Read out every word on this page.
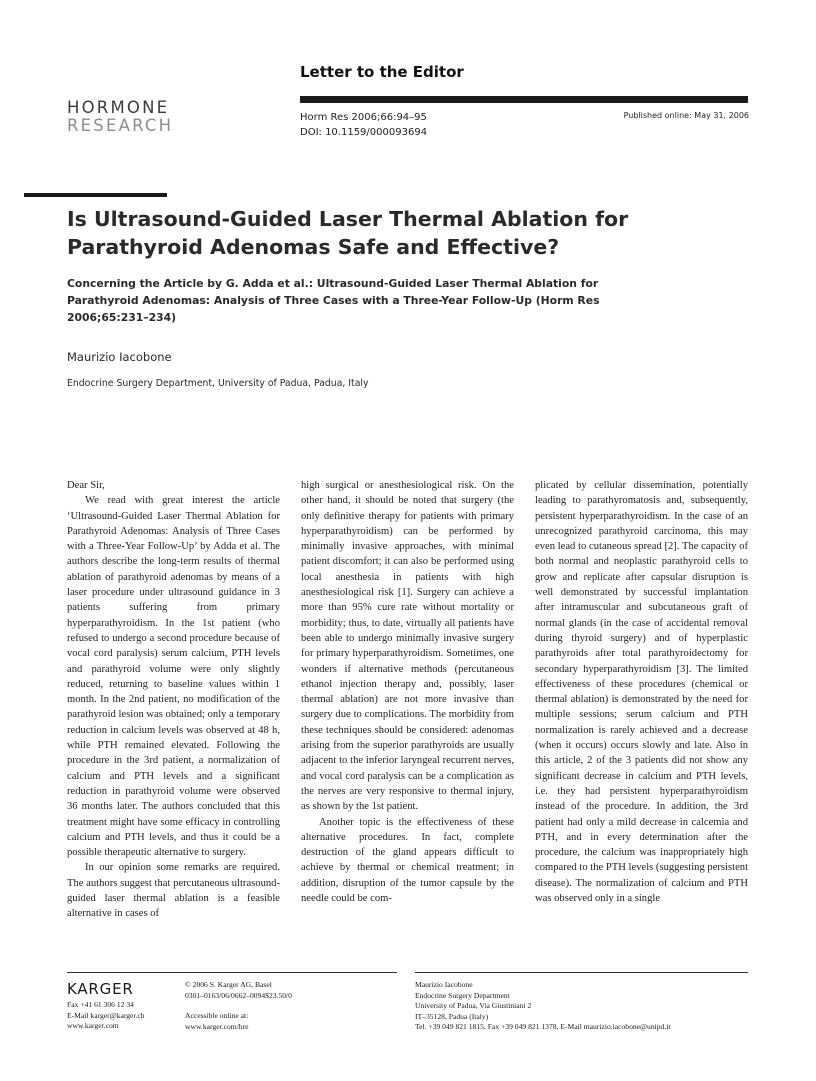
HORMONE
RESEARCH
Letter to the Editor
Horm Res 2006;66:94–95
DOI: 10.1159/000093694
Published online: May 31, 2006
Is Ultrasound-Guided Laser Thermal Ablation for
Parathyroid Adenomas Safe and Effective?
Concerning the Article by G. Adda et al.: Ultrasound-Guided Laser Thermal Ablation for
Parathyroid Adenomas: Analysis of Three Cases with a Three-Year Follow-Up (Horm Res
2006;65:231–234)
Maurizio Iacobone
Endocrine Surgery Department, University of Padua, Padua, Italy

Dear Sir,

We read with great interest the article ‘Ultrasound-Guided Laser Thermal Ablation for Parathyroid Adenomas: Analysis of Three Cases with a Three-Year Follow-Up’ by Adda et al. The authors describe the long-term results of thermal ablation of parathyroid adenomas by means of a laser procedure under ultrasound guidance in 3 patients suffering from primary hyperparathyroidism. In the 1st patient (who refused to undergo a second procedure because of vocal cord paralysis) serum calcium, PTH levels and parathyroid volume were only slightly reduced, returning to baseline values within 1 month. In the 2nd patient, no modification of the parathyroid lesion was obtained; only a temporary reduction in calcium levels was observed at 48 h, while PTH remained elevated. Following the procedure in the 3rd patient, a normalization of calcium and PTH levels and a significant reduction in parathyroid volume were observed 36 months later. The authors concluded that this treatment might have some efficacy in controlling calcium and PTH levels, and thus it could be a possible therapeutic alternative to surgery.

In our opinion some remarks are required. The authors suggest that percutaneous ultrasound-guided laser thermal ablation is a feasible alternative in cases of

high surgical or anesthesiological risk. On the other hand, it should be noted that surgery (the only definitive therapy for patients with primary hyperparathyroidism) can be performed by minimally invasive approaches, with minimal patient discomfort; it can also be performed using local anesthesia in patients with high anesthesiological risk [1]. Surgery can achieve a more than 95% cure rate without mortality or morbidity; thus, to date, virtually all patients have been able to undergo minimally invasive surgery for primary hyperparathyroidism. Sometimes, one wonders if alternative methods (percutaneous ethanol injection therapy and, possibly, laser thermal ablation) are not more invasive than surgery due to complications. The morbidity from these techniques should be considered: adenomas arising from the superior parathyroids are usually adjacent to the inferior laryngeal recurrent nerves, and vocal cord paralysis can be a complication as the nerves are very responsive to thermal injury, as shown by the 1st patient.

Another topic is the effectiveness of these alternative procedures. In fact, complete destruction of the gland appears difficult to achieve by thermal or chemical treatment; in addition, disruption of the tumor capsule by the needle could be com-

plicated by cellular dissemination, potentially leading to parathyromatosis and, subsequently, persistent hyperparathyroidism. In the case of an unrecognized parathyroid carcinoma, this may even lead to cutaneous spread [2]. The capacity of both normal and neoplastic parathyroid cells to grow and replicate after capsular disruption is well demonstrated by successful implantation after intramuscular and subcutaneous graft of normal glands (in the case of accidental removal during thyroid surgery) and of hyperplastic parathyroids after total parathyroidectomy for secondary hyperparathyroidism [3]. The limited effectiveness of these procedures (chemical or thermal ablation) is demonstrated by the need for multiple sessions; serum calcium and PTH normalization is rarely achieved and a decrease (when it occurs) occurs slowly and late. Also in this article, 2 of the 3 patients did not show any significant decrease in calcium and PTH levels, i.e. they had persistent hyperparathyroidism instead of the procedure. In addition, the 3rd patient had only a mild decrease in calcemia and PTH, and in every determination after the procedure, the calcium was inappropriately high compared to the PTH levels (suggesting persistent disease). The normalization of calcium and PTH was observed only in a single

KARGER
Fax +41 61 306 12 34
E-Mail karger@karger.ch
www.karger.com
© 2006 S. Karger AG, Basel
0301–0163/06/0662–0094$23.50/0
Accessible online at:
www.karger.com/hre
Maurizio Iacobone
Endocrine Surgery Department
University of Padua, Via Giustiniani 2
IT–35128, Padua (Italy)
Tel. +39 049 821 1815, Fax +39 049 821 1378, E-Mail maurizio.iacobone@unipd.it
